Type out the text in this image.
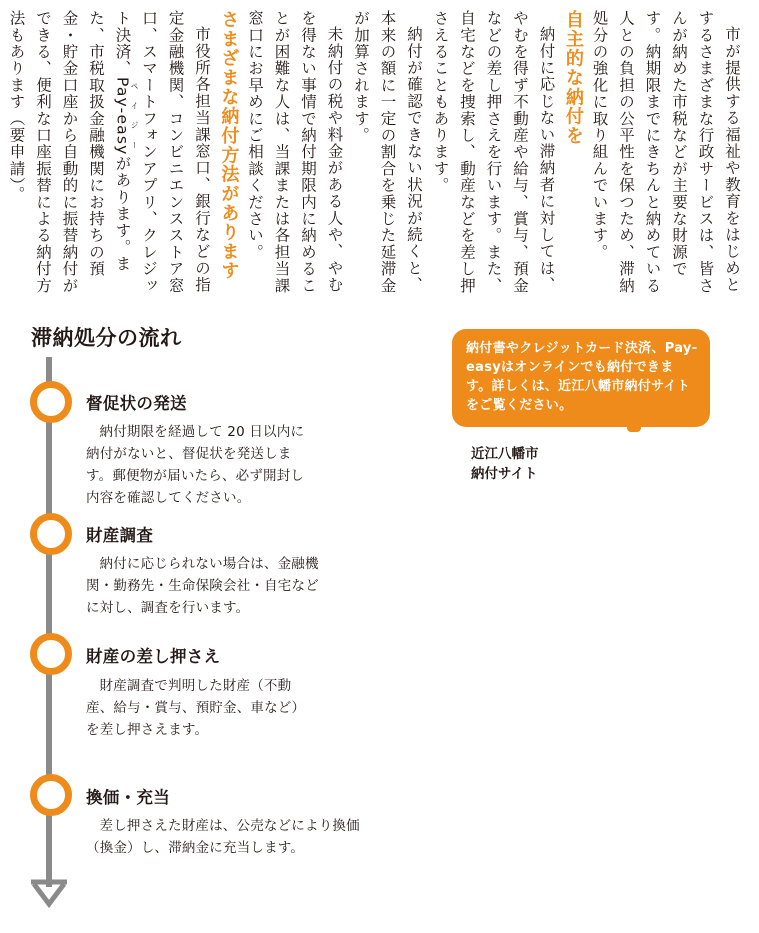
市が提供する福祉や教育をはじめとするさまざまな行政サービスは、皆さんが納めた市税などが主要な財源です。納期限までにきちんと納めている人との負担の公平性を保つため、滞納処分の強化に取り組んでいます。

自主的な納付を

納付に応じない滞納者に対しては、やむを得ず不動産や給与、賞与、預金などの差し押さえを行います。また、自宅などを捜索し、動産などを差し押さえることもあります。

納付が確認できない状況が続くと、本来の額に一定の割合を乗じた延滞金が加算されます。

未納付の税や料金がある人や、やむを得ない事情で納付期限内に納めることが困難な人は、当課または各担当課窓口にお早めにご相談ください。

さまざまな納付方法があります

市役所各担当課窓口、銀行などの指定金融機関、コンビニエンスストア窓口、スマートフォンアプリ、クレジット決済、Pay-easyペイジーがあります。また、市税取扱金融機関にお持ちの預金・貯金口座から自動的に振替納付ができる、便利な口座振替による納付方法もあります（要申請）。

滞納処分の流れ
督促状の発送

納付期限を経過して 20 日以内に納付がないと、督促状を発送します。郵便物が届いたら、必ず開封し内容を確認してください。

財産調査

納付に応じられない場合は、金融機関・勤務先・生命保険会社・自宅などに対し、調査を行います。

財産の差し押さえ

財産調査で判明した財産（不動産、給与・賞与、預貯金、車など）を差し押さえます。

換価・充当

差し押さえた財産は、公売などにより換価（換金）し、滞納金に充当します。

納付書やクレジットカード決済、Pay-easyはオンラインでも納付できます。詳しくは、近江八幡市納付サイトをご覧ください。
近江八幡市
納付サイト
